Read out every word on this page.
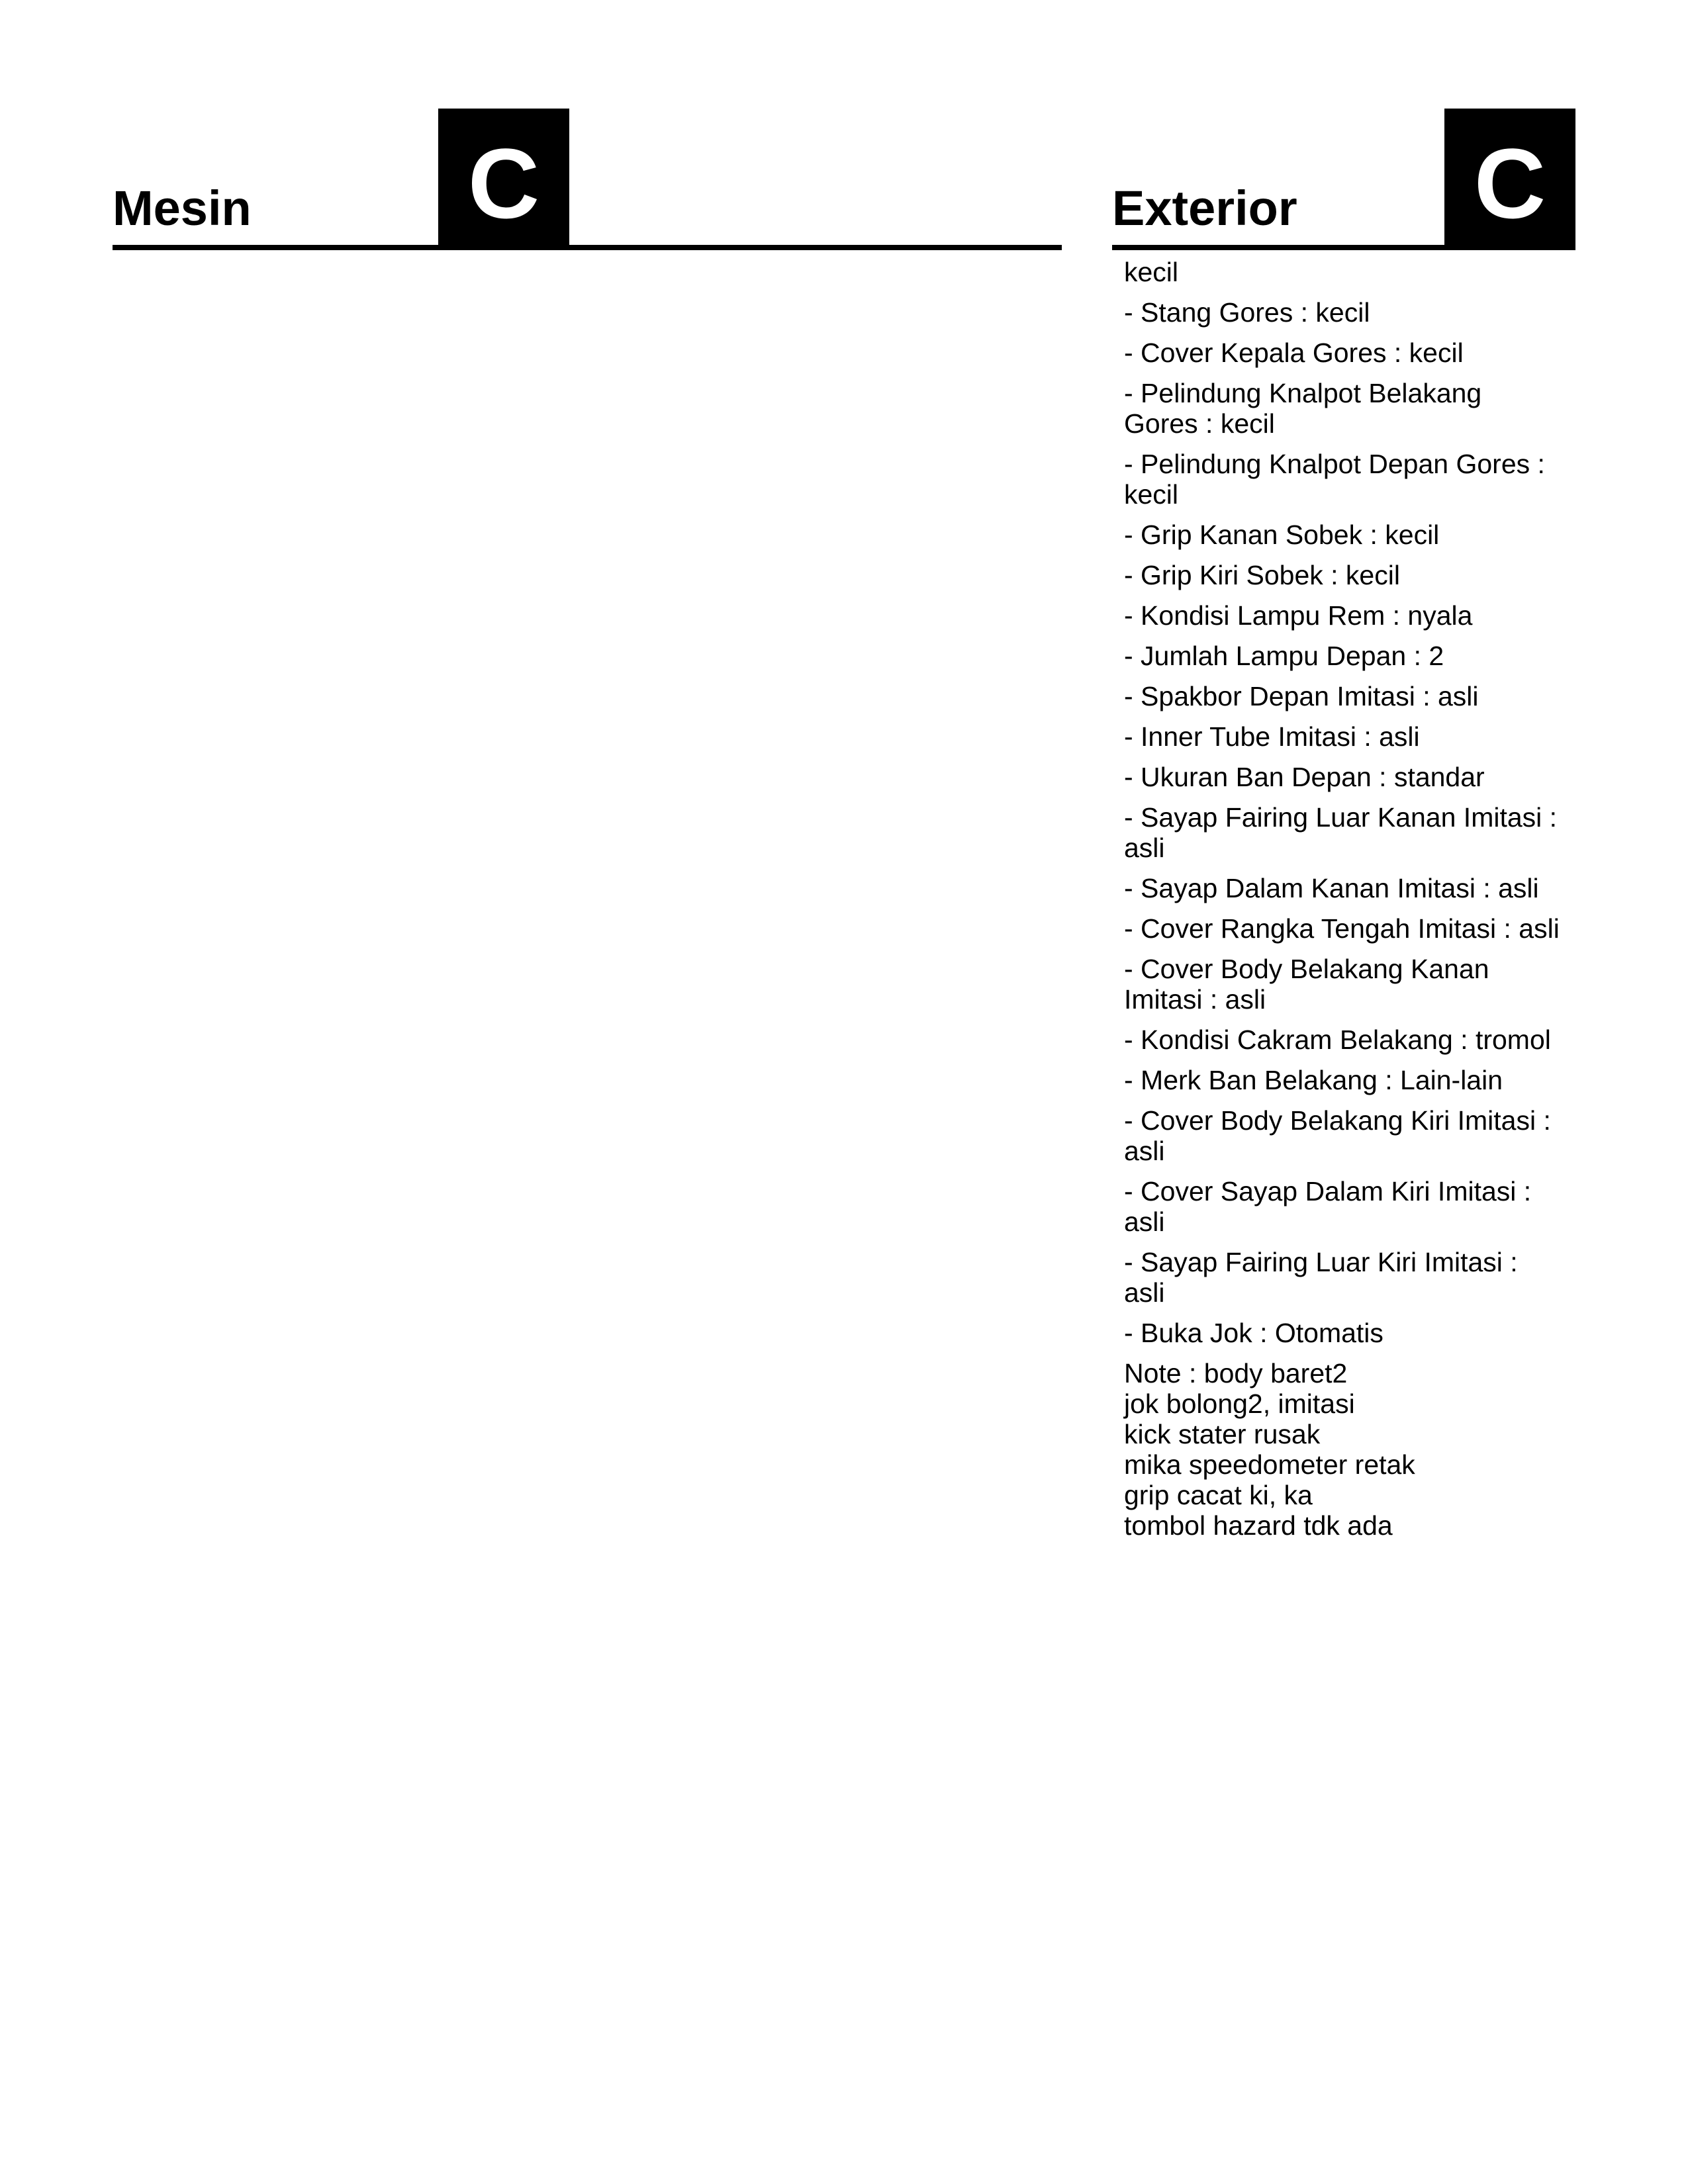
Mesin C	Exterior C
kecil
- Stang Gores : kecil
- Cover Kepala Gores : kecil
- Pelindung Knalpot Belakang Gores : kecil
- Pelindung Knalpot Depan Gores : kecil
- Grip Kanan Sobek : kecil
- Grip Kiri Sobek : kecil
- Kondisi Lampu Rem : nyala
- Jumlah Lampu Depan : 2
- Spakbor Depan Imitasi : asli
- Inner Tube Imitasi : asli
- Ukuran Ban Depan : standar
- Sayap Fairing Luar Kanan Imitasi : asli
- Sayap Dalam Kanan Imitasi : asli
- Cover Rangka Tengah Imitasi : asli
- Cover Body Belakang Kanan Imitasi : asli
- Kondisi Cakram Belakang : tromol
- Merk Ban Belakang : Lain-lain
- Cover Body Belakang Kiri Imitasi : asli
- Cover Sayap Dalam Kiri Imitasi : asli
- Sayap Fairing Luar Kiri Imitasi : asli
- Buka Jok : Otomatis
Note : body baret2
jok bolong2, imitasi
kick stater rusak
mika speedometer retak
grip cacat ki, ka
tombol hazard tdk ada
